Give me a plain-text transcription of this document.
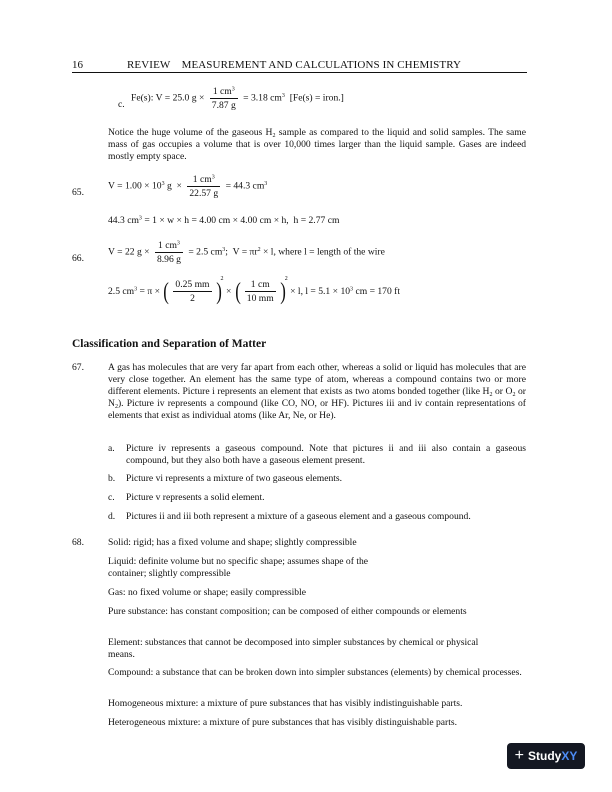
16	REVIEW    MEASUREMENT AND CALCULATIONS IN CHEMISTRY
c.
Fe(s): V = 25.0 $g \times \frac{1 cm^3}{7.87 g} = 3.18$ $cm^3$  [Fe(s) = iron.]
Notice the huge volume of the gaseous $H_2$ sample as compared to the liquid and solid samples. The same mass of gas occupies a volume that is over 10,000 times larger than the liquid sample. Gases are indeed mostly empty space.
65.
$V = 1.00 \times 10^3$ $g \times \frac{1 cm^3}{22.57 g} = 44.3$ $cm^3$
44.3 $cm^3 = 1 \times w \times h = 4.00$ cm × 4.00 cm × h,  h = 2.77 cm
66.
V = 22 $g \times \frac{1 cm^3}{8.96 g} = 2.5$ $cm^3$;  $V = \pi r^2 \times l$, where l = length of the wire
2.5 $cm^3 = \pi$ × ( $\frac{0.25 mm}{2} )2$ × ( $\frac{1 cm}{10 mm} )2 \times l$, $l = 5.1 \times 10^3$ cm = 170 ft
Classification and Separation of Matter
67.	A gas has molecules that are very far apart from each other, whereas a solid or liquid has molecules that are very close together. An element has the same type of atom, whereas a compound contains two or more different elements. Picture i represents an element that exists as two atoms bonded together (like $H_2$ or $O_2$ or $N_2$). Picture iv represents a compound (like CO, NO, or HF). Pictures iii and iv contain representations of elements that exist as individual atoms (like Ar, Ne, or He).
a. Picture iv represents a gaseous compound. Note that pictures ii and iii also contain a gaseous compound, but they also both have a gaseous element present.
b. Picture vi represents a mixture of two gaseous elements.
c. Picture v represents a solid element.
d. Pictures ii and iii both represent a mixture of a gaseous element and a gaseous compound.
68.	Solid: rigid; has a fixed volume and shape; slightly compressible
Liquid: definite volume but no specific shape; assumes shape of the container; slightly compressible
Gas: no fixed volume or shape; easily compressible
Pure substance: has constant composition; can be composed of either compounds or elements
Element: substances that cannot be decomposed into simpler substances by chemical or physical means.
Compound: a substance that can be broken down into simpler substances (elements) by chemical processes.
Homogeneous mixture: a mixture of pure substances that has visibly indistinguishable parts.
Heterogeneous mixture: a mixture of pure substances that has visibly distinguishable parts.
+ Study XY
